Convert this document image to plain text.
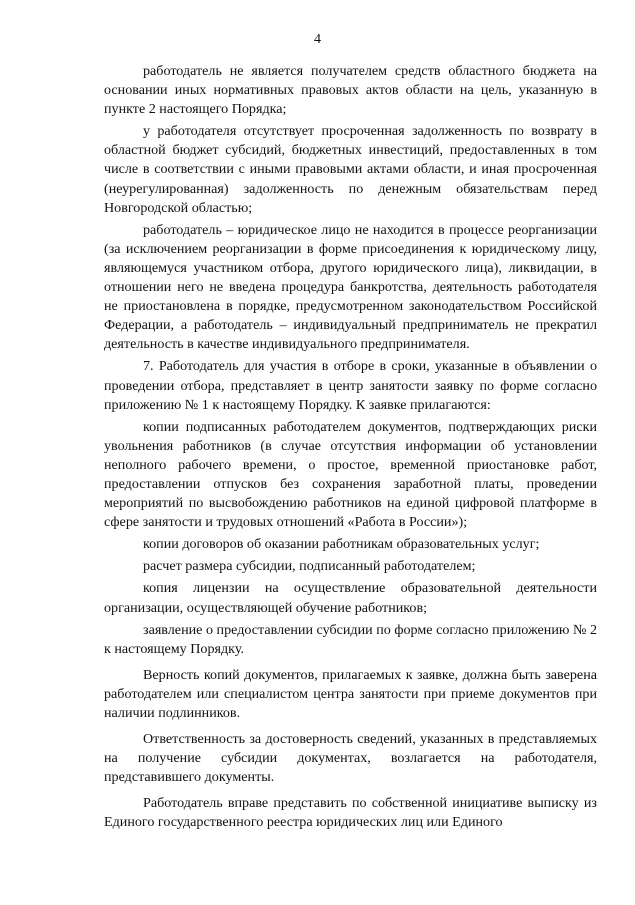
4

работодатель не является получателем средств областного бюджета на основании иных нормативных правовых актов области на цель, указанную в пункте 2 настоящего Порядка;

у работодателя отсутствует просроченная задолженность по возврату в областной бюджет субсидий, бюджетных инвестиций, предоставленных в том числе в соответствии с иными правовыми актами области, и иная просроченная (неурегулированная) задолженность по денежным обязательствам перед Новгородской областью;

работодатель – юридическое лицо не находится в процессе реорганизации (за исключением реорганизации в форме присоединения к юридическому лицу, являющемуся участником отбора, другого юридического лица), ликвидации, в отношении него не введена процедура банкротства, деятельность работодателя не приостановлена в порядке, предусмотренном законодательством Российской Федерации, а работодатель – индивидуальный предприниматель не прекратил деятельность в качестве индивидуального предпринимателя.

7. Работодатель для участия в отборе в сроки, указанные в объявлении о проведении отбора, представляет в центр занятости заявку по форме согласно приложению № 1 к настоящему Порядку. К заявке прилагаются:

копии подписанных работодателем документов, подтверждающих риски увольнения работников (в случае отсутствия информации об установлении неполного рабочего времени, о простое, временной приостановке работ, предоставлении отпусков без сохранения заработной платы, проведении мероприятий по высвобождению работников на единой цифровой платформе в сфере занятости и трудовых отношений «Работа в России»);

копии договоров об оказании работникам образовательных услуг;

расчет размера субсидии, подписанный работодателем;

копия лицензии на осуществление образовательной деятельности организации, осуществляющей обучение работников;

заявление о предоставлении субсидии по форме согласно приложению № 2 к настоящему Порядку.

Верность копий документов, прилагаемых к заявке, должна быть заверена работодателем или специалистом центра занятости при приеме документов при наличии подлинников.

Ответственность за достоверность сведений, указанных в представляемых на получение субсидии документах, возлагается на работодателя, представившего документы.

Работодатель вправе представить по собственной инициативе выписку из Единого государственного реестра юридических лиц или Единого
